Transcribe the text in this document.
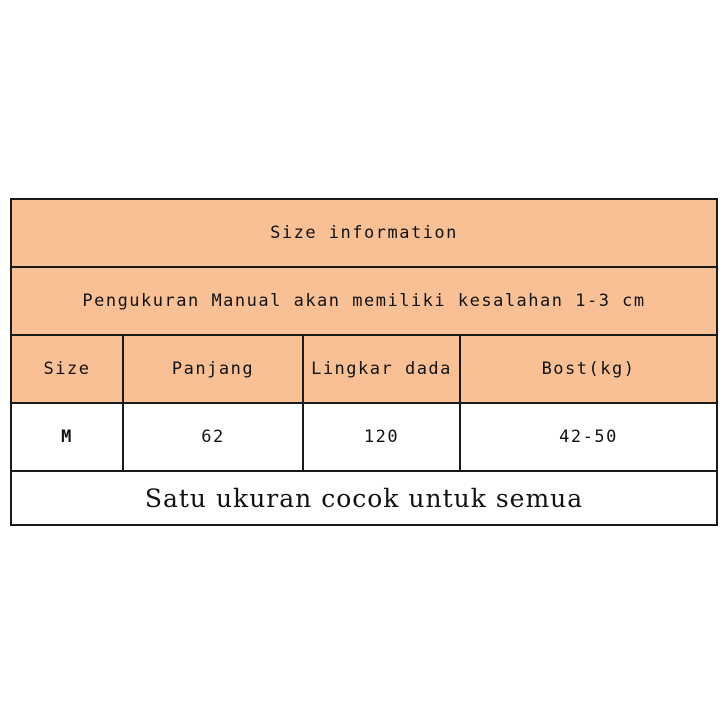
Size information			
Pengukuran Manual akan memiliki kesalahan 1-3 cm			
Size	Panjang	Lingkar dada	Bost(kg)
M	62	120	42-50
Satu ukuran cocok untuk semua			
